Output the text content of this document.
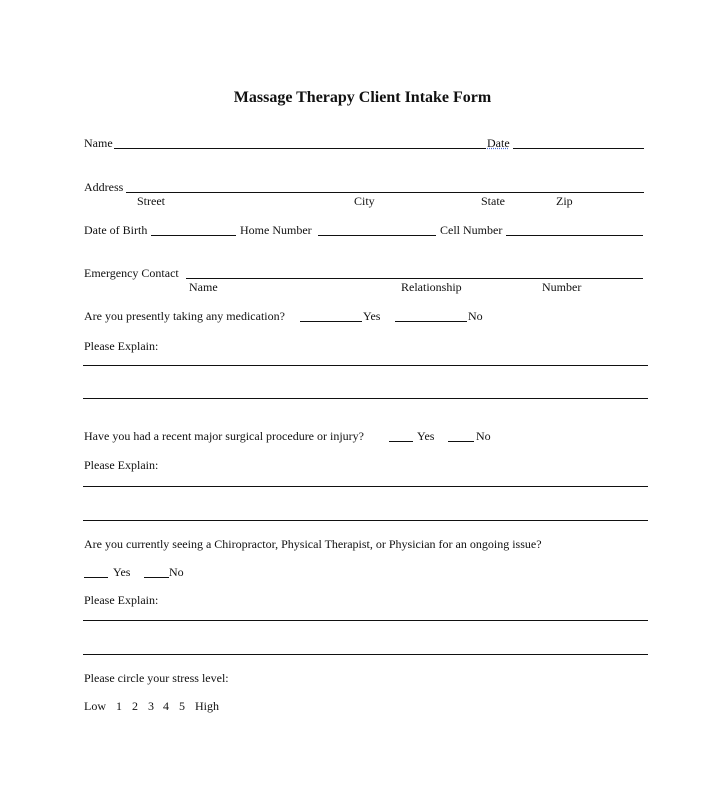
Massage Therapy Client Intake Form
Name	Date
Address
Street	City	State	Zip
Date of Birth	Home Number	Cell Number
Emergency Contact
Name	Relationship	Number
Are you presently taking any medication?	Yes	No
Please Explain:
Have you had a recent major surgical procedure or injury?	Yes	No
Please Explain:
Are you currently seeing a Chiropractor, Physical Therapist, or Physician for an ongoing issue?
Yes	No
Please Explain:
Please circle your stress level:
Low 1 2 3 4 5 High
